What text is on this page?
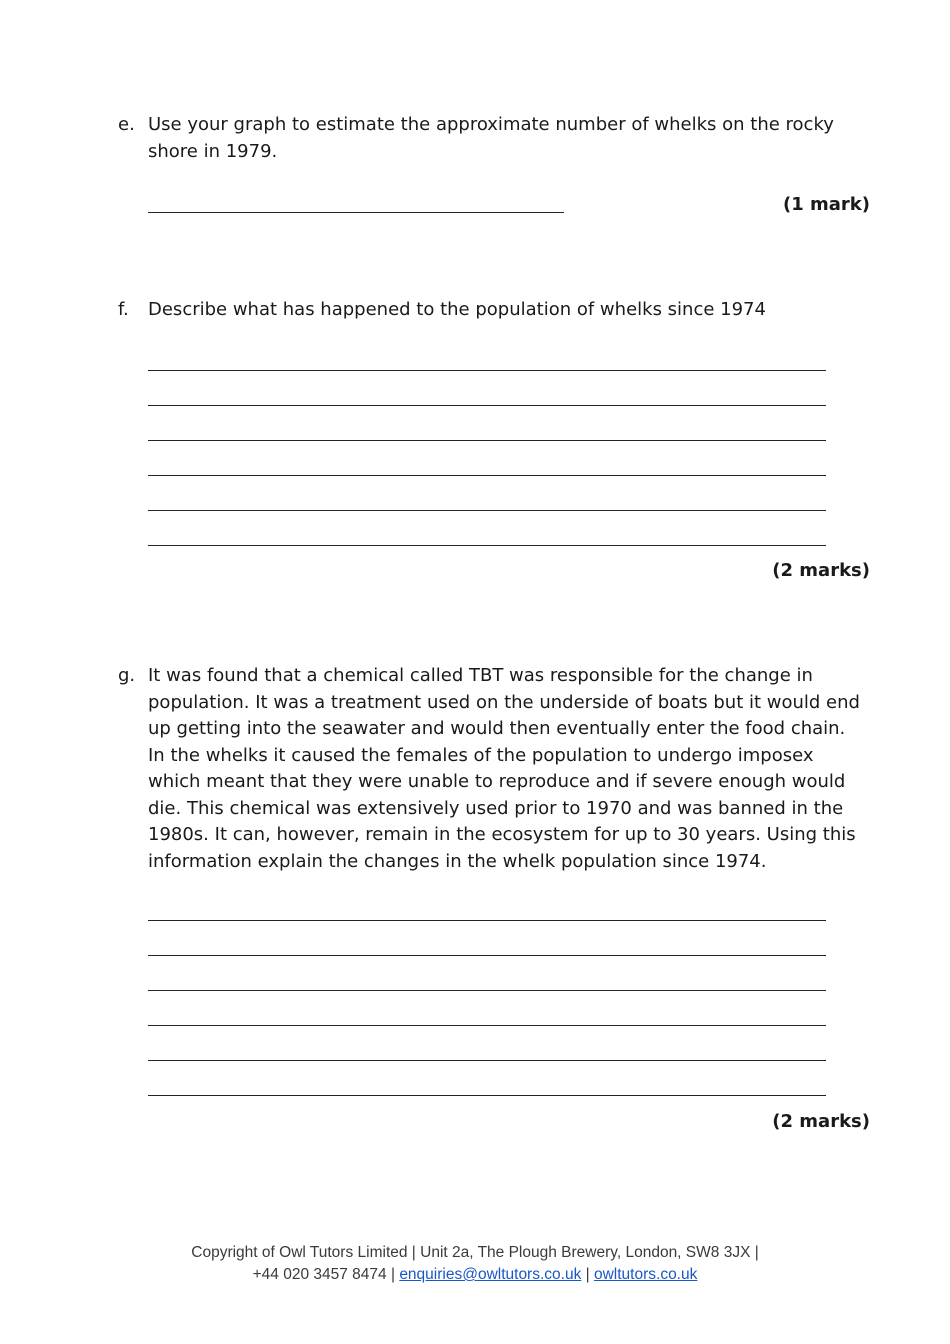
e. Use your graph to estimate the approximate number of whelks on the rocky shore in 1979.
(1 mark)
f.	Describe what has happened to the population of whelks since 1974
(2 marks)
g. It was found that a chemical called TBT was responsible for the change in population. It was a treatment used on the underside of boats but it would end up getting into the seawater and would then eventually enter the food chain. In the whelks it caused the females of the population to undergo imposex which meant that they were unable to reproduce and if severe enough would die. This chemical was extensively used prior to 1970 and was banned in the 1980s. It can, however, remain in the ecosystem for up to 30 years. Using this information explain the changes in the whelk population since 1974.
(2 marks)
Copyright of Owl Tutors Limited | Unit 2a, The Plough Brewery, London, SW8 3JX |
+44 020 3457 8474 | enquiries@owltutors.co.uk | owltutors.co.uk
